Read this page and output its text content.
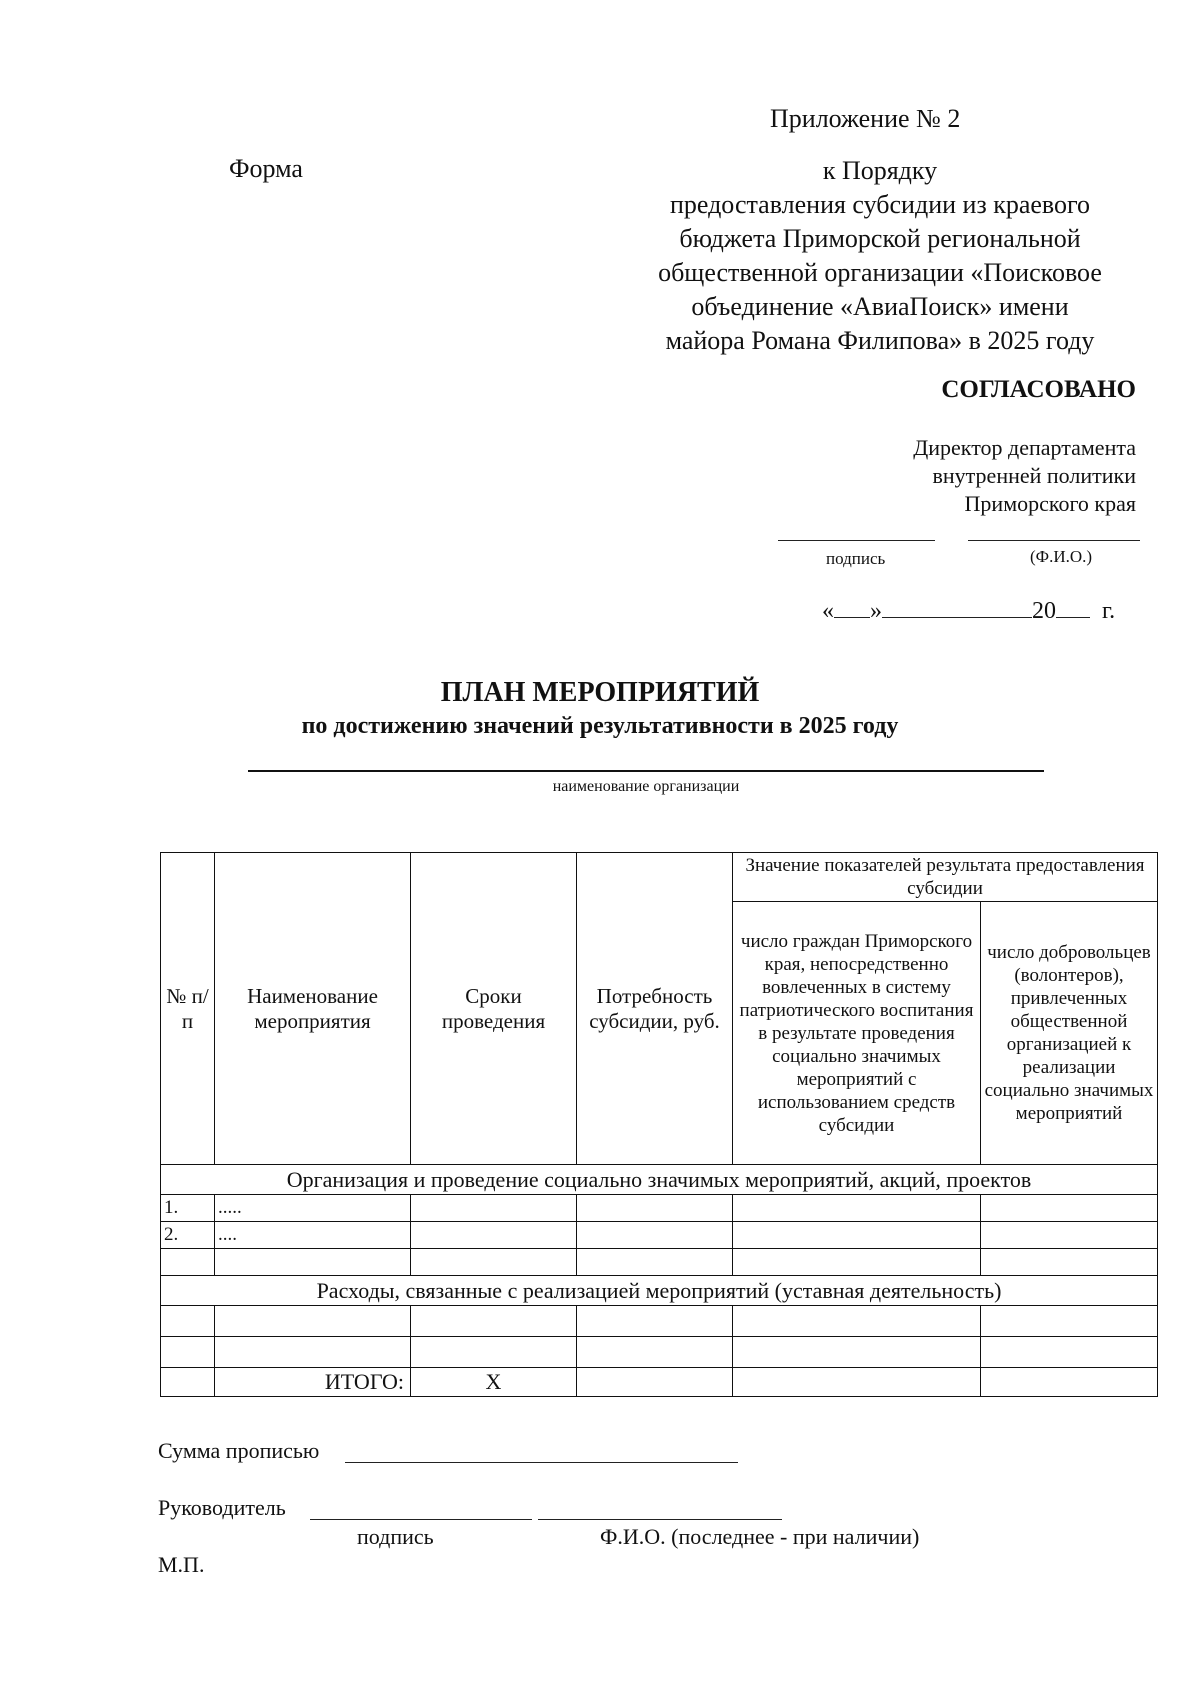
Приложение № 2
Форма	к Порядку
предоставления субсидии из краевого
бюджета Приморской региональной
общественной организации «Поисковое
объединение «АвиаПоиск» имени
майора Романа Филипова» в 2025 году
СОГЛАСОВАНО
Директор департамента
внутренней политики
Приморского края
подпись	(Ф.И.О.)
« »	20 г.
ПЛАН МЕРОПРИЯТИЙ
по достижению значений результативности в 2025 году
наименование организации
№ п/п	Наименование мероприятия	Сроки проведения	Потребность субсидии, руб.	Значение показателей результата предоставления субсидии	
				число граждан Приморского края, непосредственно вовлеченных в систему патриотического воспитания в результате проведения социально значимых мероприятий с использованием средств субсидии	число добровольцев (волонтеров), привлеченных общественной организацией к реализации социально значимых мероприятий
Организация и проведение социально значимых мероприятий, акций, проектов					
1.	.....				
2.	....				

Расходы, связанные с реализацией мероприятий (уставная деятельность)					

	ИТОГО:	X			
Сумма прописью
Руководитель
подпись	Ф.И.О. (последнее - при наличии)
М.П.
